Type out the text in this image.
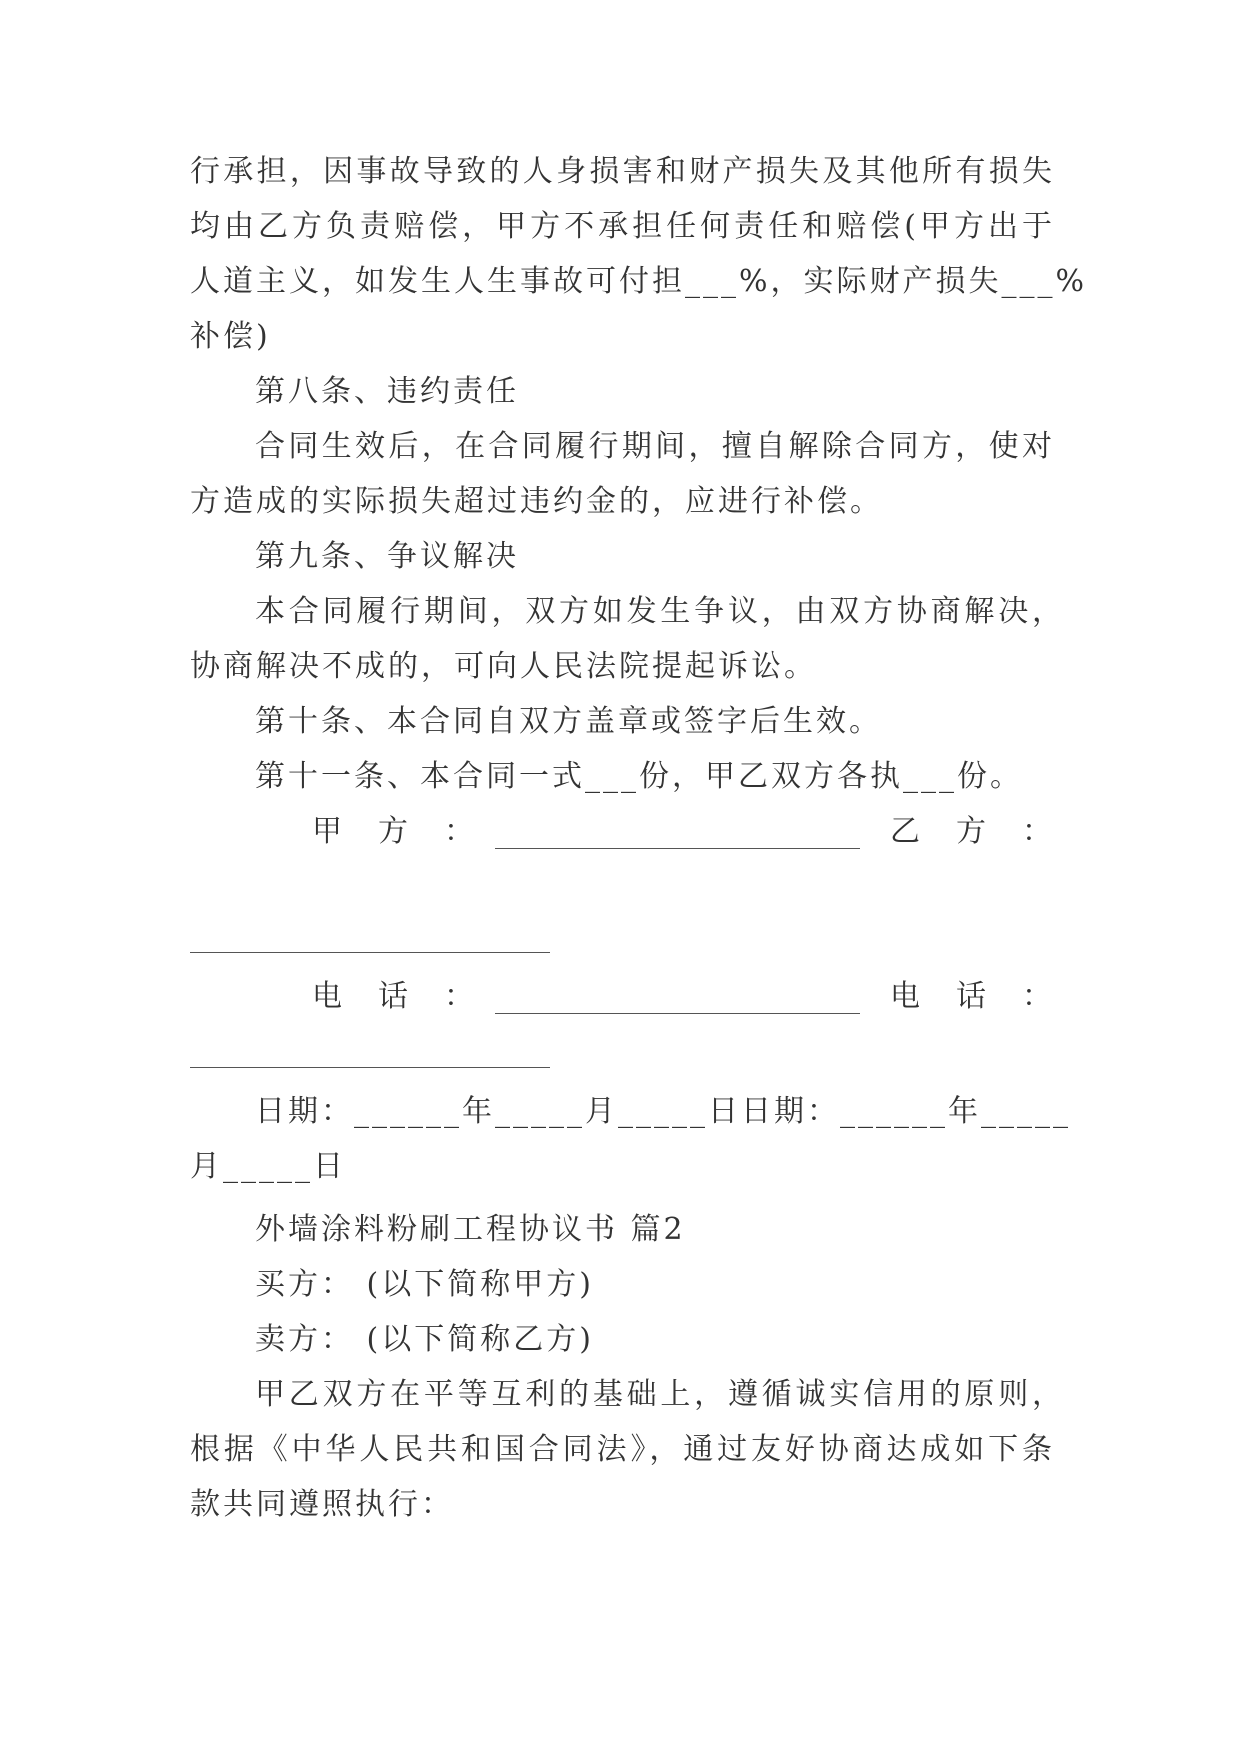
行承担，因事故导致的人身损害和财产损失及其他所有损失
均由乙方负责赔偿，甲方不承担任何责任和赔偿(甲方出于
人道主义，如发生人生事故可付担___%，实际财产损失___%
补偿)
第八条、违约责任
合同生效后，在合同履行期间，擅自解除合同方，使对
方造成的实际损失超过违约金的，应进行补偿。
第九条、争议解决
本合同履行期间，双方如发生争议，由双方协商解决，
协商解决不成的，可向人民法院提起诉讼。
第十条、本合同自双方盖章或签字后生效。
第十一条、本合同一式___份，甲乙双方各执___份。
甲　方　：	乙　方　：
电　话　：	电　话　：
日期：______年_____月_____日日期：______年_____
月_____日
外墙涂料粉刷工程协议书 篇2
买方： (以下简称甲方)
卖方： (以下简称乙方)
甲乙双方在平等互利的基础上，遵循诚实信用的原则，
根据《中华人民共和国合同法》，通过友好协商达成如下条
款共同遵照执行：
